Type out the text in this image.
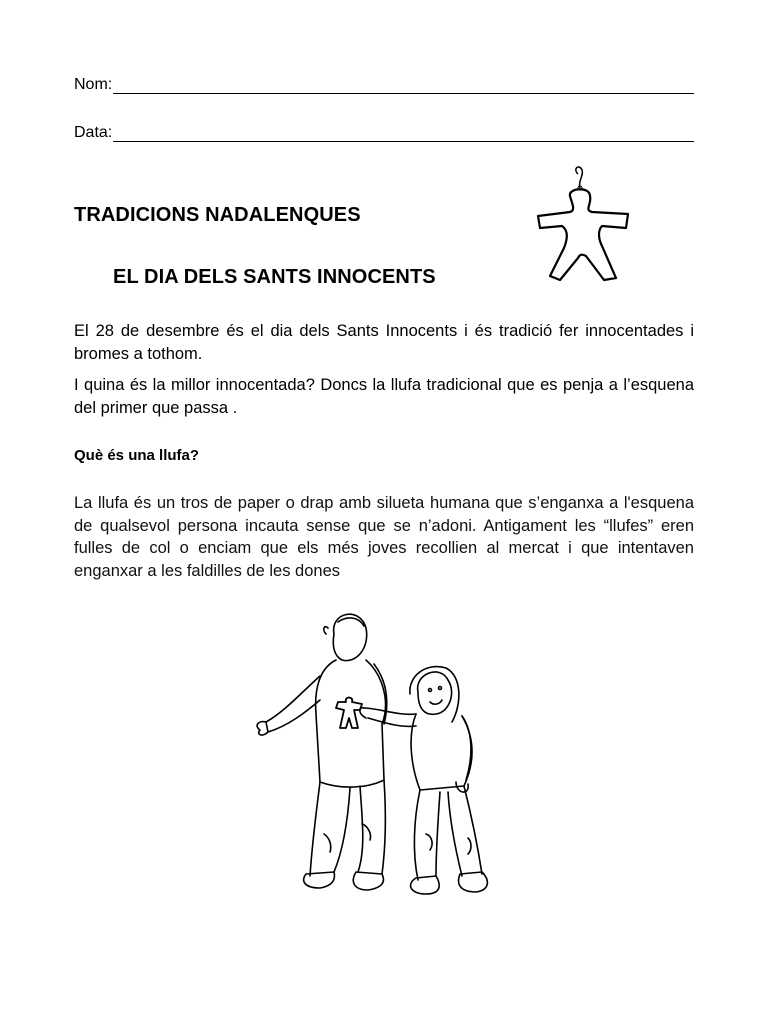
Nom:
Data:
TRADICIONS NADALENQUES
EL DIA DELS SANTS INNOCENTS

El 28 de desembre és el dia dels Sants Innocents i és tradició fer innocentades i bromes a tothom.

I quina és la millor innocentada? Doncs la llufa tradicional que es penja a l’esquena del primer que passa .

Què és una llufa?

La llufa és un tros de paper o drap amb silueta humana que s’enganxa a l'esquena de qualsevol persona incauta sense que se n’adoni. Antigament les “llufes” eren fulles de col o enciam que els més joves recollien al mercat i que intentaven enganxar a les faldilles de les dones
